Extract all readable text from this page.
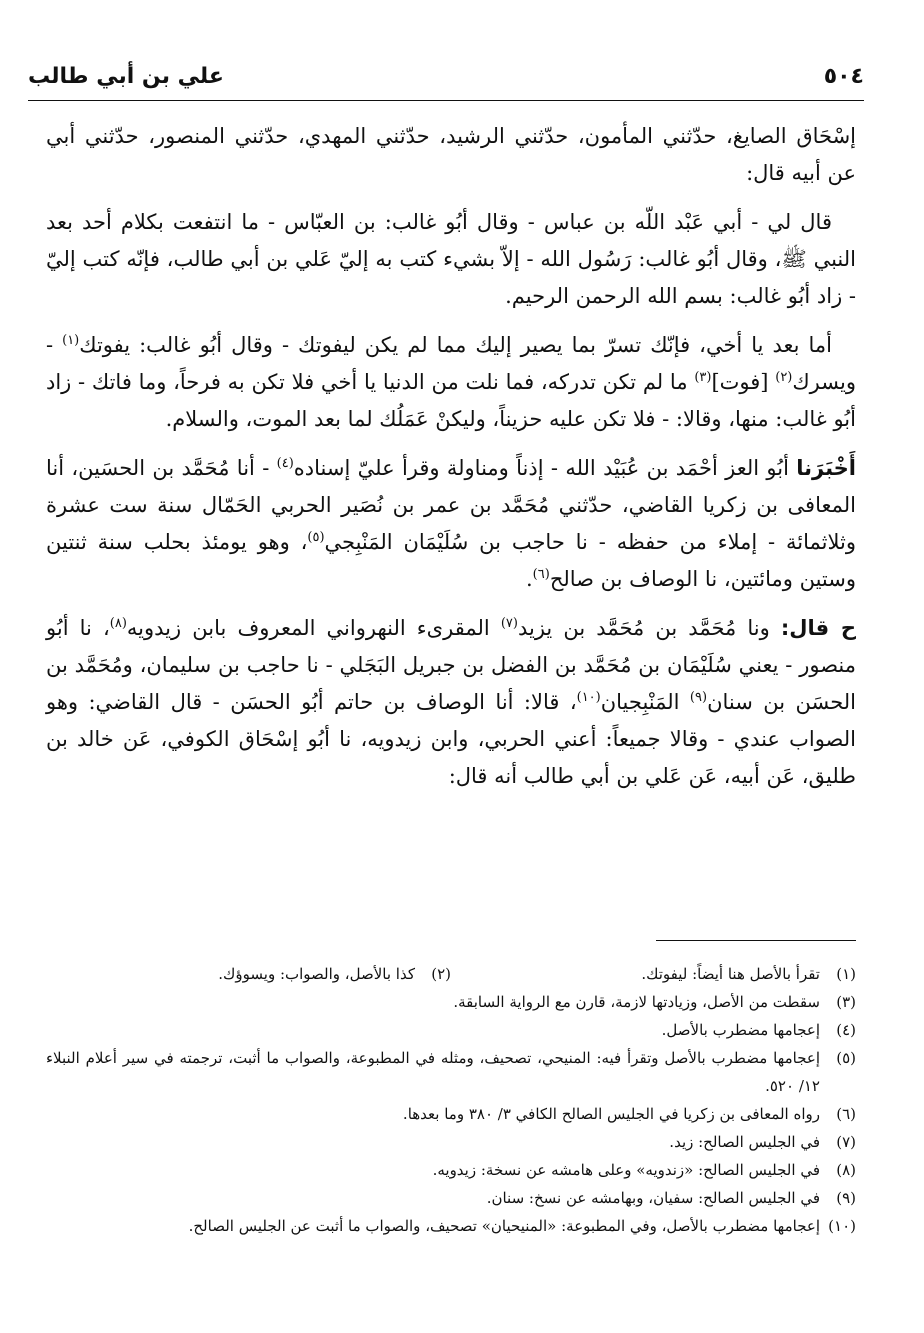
علي بن أبي طالب	٥٠٤

إسْحَاق الصايغ، حدّثني المأمون، حدّثني الرشيد، حدّثني المهدي، حدّثني المنصور، حدّثني أبي عن أبيه قال:

قال لي - أبي عَبْد اللّه بن عباس - وقال أبُو غالب: بن العبّاس - ما انتفعت بكلام أحد بعد النبي ﷺ، وقال أبُو غالب: رَسُول الله - إلاّ بشيء كتب به إليّ عَلي بن أبي طالب، فإنّه كتب إليّ - زاد أبُو غالب: بسم الله الرحمن الرحيم.

أما بعد يا أخي، فإنّك تسرّ بما يصير إليك مما لم يكن ليفوتك - وقال أبُو غالب: يفوتك$^{(١)}$ - ويسرك$^{(٢)}$ [فوت]$^{(٣)}$ ما لم تكن تدركه، فما نلت من الدنيا يا أخي فلا تكن به فرحاً، وما فاتك - زاد أبُو غالب: منها، وقالا: - فلا تكن عليه حزيناً، وليكنْ عَمَلُك لما بعد الموت، والسلام.

أَخْبَرَنا أبُو العز أحْمَد بن عُبَيْد الله - إذناً ومناولة وقرأ عليّ إسناده$^{(٤)}$ - أنا مُحَمَّد بن الحسَين، أنا المعافى بن زكريا القاضي، حدّثني مُحَمَّد بن عمر بن نُصَير الحربي الحَمّال سنة ست عشرة وثلاثمائة - إملاء من حفظه - نا حاجب بن سُلَيْمَان المَنْبِجي$^{(٥)}$، وهو يومئذ بحلب سنة ثنتين وستين ومائتين، نا الوصاف بن صالح$^{(٦)}$.

ح قال: ونا مُحَمَّد بن مُحَمَّد بن يزيد$^{(٧)}$ المقرىء النهرواني المعروف بابن زيدويه$^{(٨)}$، نا أبُو منصور - يعني سُلَيْمَان بن مُحَمَّد بن الفضل بن جبريل البَجَلي - نا حاجب بن سليمان، ومُحَمَّد بن الحسَن بن سنان$^{(٩)}$ المَنْبِجيان$^{(١٠)}$، قالا: أنا الوصاف بن حاتم أبُو الحسَن - قال القاضي: وهو الصواب عندي - وقالا جميعاً: أعني الحربي، وابن زيدويه، نا أبُو إسْحَاق الكوفي، عَن خالد بن طليق، عَن أبيه، عَن عَلي بن أبي طالب أنه قال:

(١)
تقرأ بالأصل هنا أيضاً: ليفوتك.
(٢)
كذا بالأصل، والصواب: ويسوؤك.
(٣)
سقطت من الأصل، وزيادتها لازمة، قارن مع الرواية السابقة.
(٤)
إعجامها مضطرب بالأصل.
(٥)
إعجامها مضطرب بالأصل وتقرأ فيه: المنيحي، تصحيف، ومثله في المطبوعة، والصواب ما أثبت، ترجمته في سير أعلام النبلاء ١٢/ ٥٢٠.
(٦)
رواه المعافى بن زكريا في الجليس الصالح الكافي ٣/ ٣٨٠ وما بعدها.
(٧)
في الجليس الصالح: زيد.
(٨)
في الجليس الصالح: «زندويه» وعلى هامشه عن نسخة: زيدويه.
(٩)
في الجليس الصالح: سفيان، وبهامشه عن نسخ: سنان.
(١٠)
إعجامها مضطرب بالأصل، وفي المطبوعة: «المنيحيان» تصحيف، والصواب ما أثبت عن الجليس الصالح.
